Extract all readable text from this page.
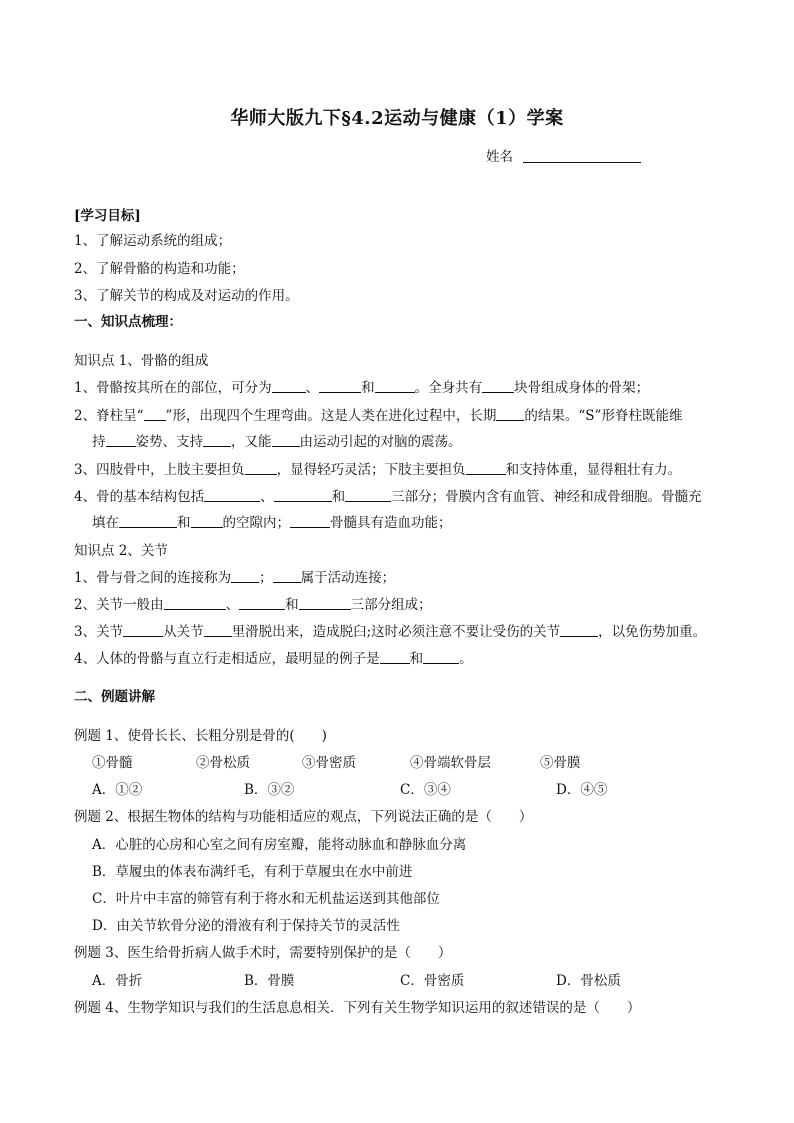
华师大版九下§4.2运动与健康（1）学案
姓名
[学习目标]
1、了解运动系统的组成；
2、了解骨骼的构造和功能；
3、了解关节的构成及对运动的作用。
一、知识点梳理：
知识点 1、骨骼的组成
1、骨骼按其所在的部位，可分为	、	和	。全身共有 块骨组成身体的骨架；
2、脊柱呈“ ”形，出现四个生理弯曲。这是人类在进化过程中，长期 的结果。“S”形脊柱既能维
持 姿势、支持 ，又能 由运动引起的对脑的震荡。
3、四肢骨中，上肢主要担负 ，显得轻巧灵活；下肢主要担负	和支持体重，显得粗壮有力。
4、骨的基本结构包括	、	和	三部分；骨膜内含有血管、神经和成骨细胞。骨髓充
填在	和 的空隙内；	骨髓具有造血功能；
知识点 2、关节
1、骨与骨之间的连接称为 ； 属于活动连接；
2、关节一般由	、	和	三部分组成；
3、关节	从关节 里滑脱出来，造成脱臼;这时必须注意不要让受伤的关节	，以免伤势加重。
4、人体的骨骼与直立行走相适应，最明显的例子是 和	。
二、例题讲解
例题 1、使骨长长、长粗分别是骨的(　　)
①骨髓	②骨松质	③骨密质	④骨端软骨层	⑤骨膜
A．①②	B．③②	C．③④	D．④⑤
例题 2、根据生物体的结构与功能相适应的观点，下列说法正确的是（　　）
A．心脏的心房和心室之间有房室瓣，能将动脉血和静脉血分离
B．草履虫的体表布满纤毛，有利于草履虫在水中前进
C．叶片中丰富的筛管有利于将水和无机盐运送到其他部位
D．由关节软骨分泌的滑液有利于保持关节的灵活性
例题 3、医生给骨折病人做手术时，需要特别保护的是（　　）
A．骨折	B．骨膜	C．骨密质	D．骨松质
例题 4、生物学知识与我们的生活息息相关．下列有关生物学知识运用的叙述错误的是（　　）
